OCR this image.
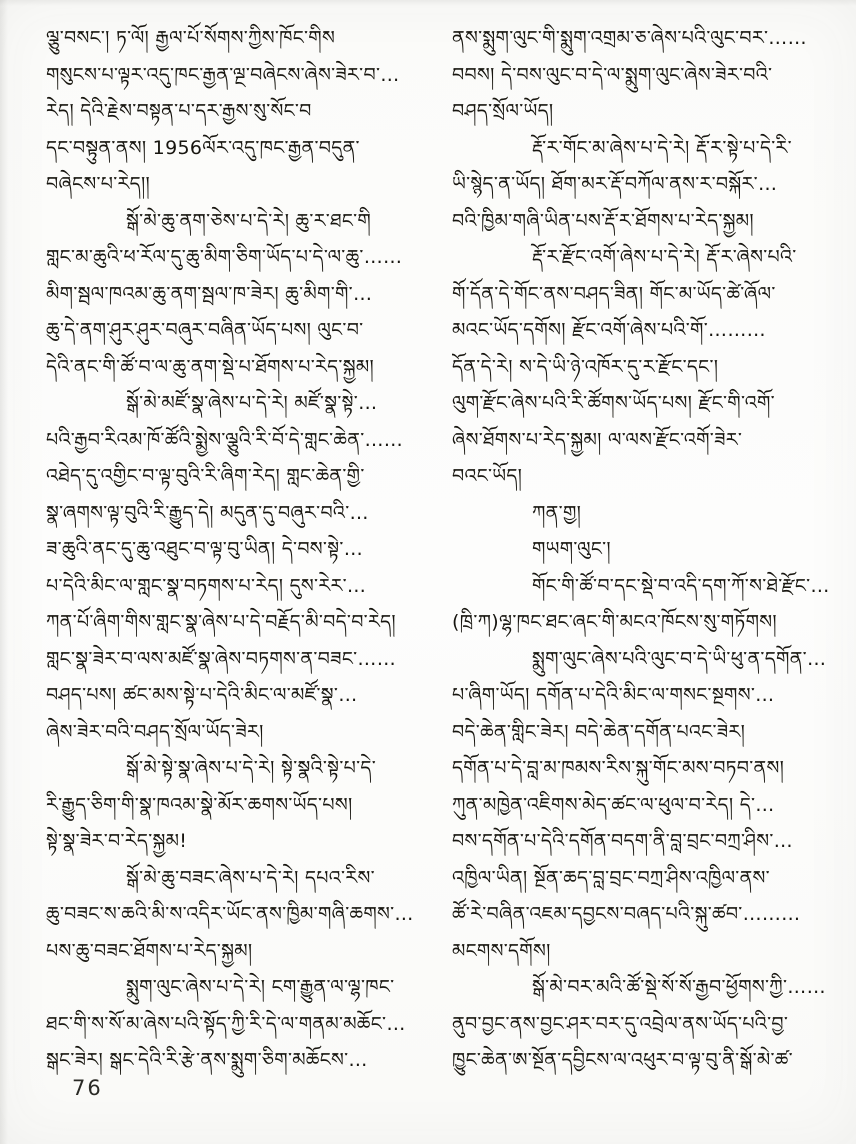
ལྕུ་བསང་། ཏ་ལོ། རྒྱལ་པོ་སོགས་ཀྱིས་ཁོང་གིས
གསུངས་པ་ལྟར་འདུ་ཁང་རྒྱན་ལྔ་བཞེངས་ཞེས་ཟེར་བ་…
རེད། དེའི་རྗེས་བསྟན་པ་དར་རྒྱས་སུ་སོང་བ
དང་བསྟུན་ནས། 1956ལོར་འདུ་ཁང་རྒྱན་བདུན་
བཞེངས་པ་རེད།།
སྒོ་མེ་ཆུ་ནག་ཅེས་པ་དེ་རེ། ཆུ་ར་ཐང་གི
གླང་མ་ཆུའི་ཕ་རོལ་དུ་ཆུ་མིག་ཅིག་ཡོད་པ་དེ་ལ་ཆུ་……
མིག་སྦལ་ཁའམ་ཆུ་ནག་སྦལ་ཁ་ཟེར། ཆུ་མིག་གི་…
ཆུ་དེ་ནག་ཤུར་ཤུར་བཞུར་བཞིན་ཡོད་པས། ལུང་བ་
དེའི་ནང་གི་ཚོ་བ་ལ་ཆུ་ནག་སྡེ་པ་ཐོགས་པ་རེད་སྐྱམ།
སྒོ་མེ་མཛོ་སྣ་ཞེས་པ་དེ་རེ། མཛོ་སྣ་སྟེ་…
པའི་རྒྱབ་རིའམ་ཁོ་ཚོའི་སྨྱེས་ལྕུའི་རི་བོ་དེ་གླང་ཆེན་……
འཐེད་དུ་འགྱིང་བ་ལྟ་བུའི་རི་ཞིག་རེད། གླང་ཆེན་གྱི་
སྣ་ཞགས་ལྟ་བུའི་རི་རྒྱུད་དེ། མདུན་དུ་བཞུར་བའི་…
ཟ་ཆུའི་ནང་དུ་ཆུ་འཐུང་བ་ལྟ་བུ་ཡིན། དེ་བས་སྟེ་…
པ་དེའི་མིང་ལ་གླང་སྣ་བཏགས་པ་རེད། དུས་རེར་…
ཀན་པོ་ཞིག་གིས་གླང་སྣ་ཞེས་པ་དེ་བརྗོད་མི་བདེ་བ་རེད།
གླང་སྣ་ཟེར་བ་ལས་མཛོ་སྣ་ཞེས་བཏགས་ན་བཟང་……
བཤད་པས། ཚང་མས་སྟེ་པ་དེའི་མིང་ལ་མཛོ་སྣ་…
ཞེས་ཟེར་བའི་བཤད་སྲོལ་ཡོད་ཟེར།
སྒོ་མེ་སྟེ་སྣ་ཞེས་པ་དེ་རེ། སྟེ་སྣའི་སྟེ་པ་དེ་
རི་རྒྱུད་ཅིག་གི་སྣ་ཁའམ་སྣེ་མོར་ཆགས་ཡོད་པས།
སྟེ་སྣ་ཟེར་བ་རེད་སྐྱམ!
སྒོ་མེ་ཆུ་བཟང་ཞེས་པ་དེ་རེ། དཔའ་རིས་
ཆུ་བཟང་ས་ཆའི་མི་ས་འདིར་ཡོང་ནས་ཁྱིམ་གཞི་ཆགས་…
པས་ཆུ་བཟང་ཐོགས་པ་རེད་སྐྱམ།
སྨུག་ལུང་ཞེས་པ་དེ་རེ། ངག་རྒྱུན་ལ་ལྷ་ཁང་
ཐང་གི་ས་སོ་མ་ཞེས་པའི་སྟོད་ཀྱི་རི་དེ་ལ་གནམ་མཆོང་…
སྒང་ཟེར། སྒང་དེའི་རི་རྩེ་ནས་སྨུག་ཅིག་མཆོངས་…
ནས་སྨུག་ལུང་གི་སྨུག་འགྲམ་ཅ་ཞེས་པའི་ལུང་བར་……
བབས། དེ་བས་ལུང་བ་དེ་ལ་སྨུག་ལུང་ཞེས་ཟེར་བའི་
བཤད་སྲོལ་ཡོད།
རྡོ་ར་གོང་མ་ཞེས་པ་དེ་རེ། རྡོ་ར་སྟེ་པ་དེ་རི་
ཡི་སྙེད་ན་ཡོད། ཐོག་མར་རྡོ་བཀོལ་ནས་ར་བསྐོར་…
བའི་ཁྱིམ་གཞི་ཡིན་པས་རྡོ་ར་ཐོགས་པ་རེད་སྐྱམ།
རྡོ་ར་རྫོང་འགོ་ཞེས་པ་དེ་རེ། རྡོ་ར་ཞེས་པའི་
གོ་དོན་དེ་གོང་ནས་བཤད་ཟིན། གོང་མ་ཡོད་ཚེ་ཞོལ་
མའང་ཡོད་དགོས། རྫོང་འགོ་ཞེས་པའི་གོ་………
དོན་དེ་རེ། ས་དེ་ཡི་ཉེ་འཁོར་དུ་ར་རྫོང་དང་།
ལུག་རྫོང་ཞེས་པའི་རི་ཚོགས་ཡོད་པས། རྫོང་གི་འགོ་
ཞེས་ཐོགས་པ་རེད་སྐྱམ། ལ་ལས་རྫོང་འགོ་ཟེར་
བའང་ཡོད།
ཀན་གྱ།
གཡག་ལུང་།
གོང་གི་ཚོ་བ་དང་སྡེ་བ་འདི་དག་ཀོ་ས་ཐེ་རྫོང་…
(ཁྲི་ཀ)ལྷ་ཁང་ཐང་ཞང་གི་མངའ་ཁོངས་སུ་གཏོགས།
སྨུག་ལུང་ཞེས་པའི་ལུང་བ་དེ་ཡི་ཕུ་ན་དགོན་…
པ་ཞིག་ཡོད། དགོན་པ་དེའི་མིང་ལ་གསང་སྔགས་…
བདེ་ཆེན་གླིང་ཟེར། བདེ་ཆེན་དགོན་པའང་ཟེར།
དགོན་པ་དེ་བླ་མ་ཁམས་རིས་སྐུ་གོང་མས་བཏབ་ནས།
ཀུན་མཁྱེན་འཇིགས་མེད་ཚང་ལ་ཕུལ་བ་རེད། དེ་…
བས་དགོན་པ་དེའི་དགོན་བདག་ནི་བླ་བྲང་བཀྲ་ཤིས་…
འཁྱིལ་ཡིན། སྔོན་ཆད་བླ་བྲང་བཀྲ་ཤིས་འཁྱིལ་ནས་
ཚོ་རེ་བཞིན་འཇམ་དབྱངས་བཞད་པའི་སྐུ་ཚབ་………
མངགས་དགོས།
སྒོ་མེ་བར་མའི་ཚོ་སྡེ་སོ་སོ་རྒྱབ་ཕྱོགས་ཀྱི་……
ནུབ་བྱང་ནས་བྱང་ཤར་བར་དུ་འབྲེལ་ནས་ཡོད་པའི་བྱ་
ཁྱུང་ཆེན་ཨ་སྔོན་དབྱིངས་ལ་འཕུར་བ་ལྟ་བུ་ནི་སྒོ་མེ་ཚ་
76
